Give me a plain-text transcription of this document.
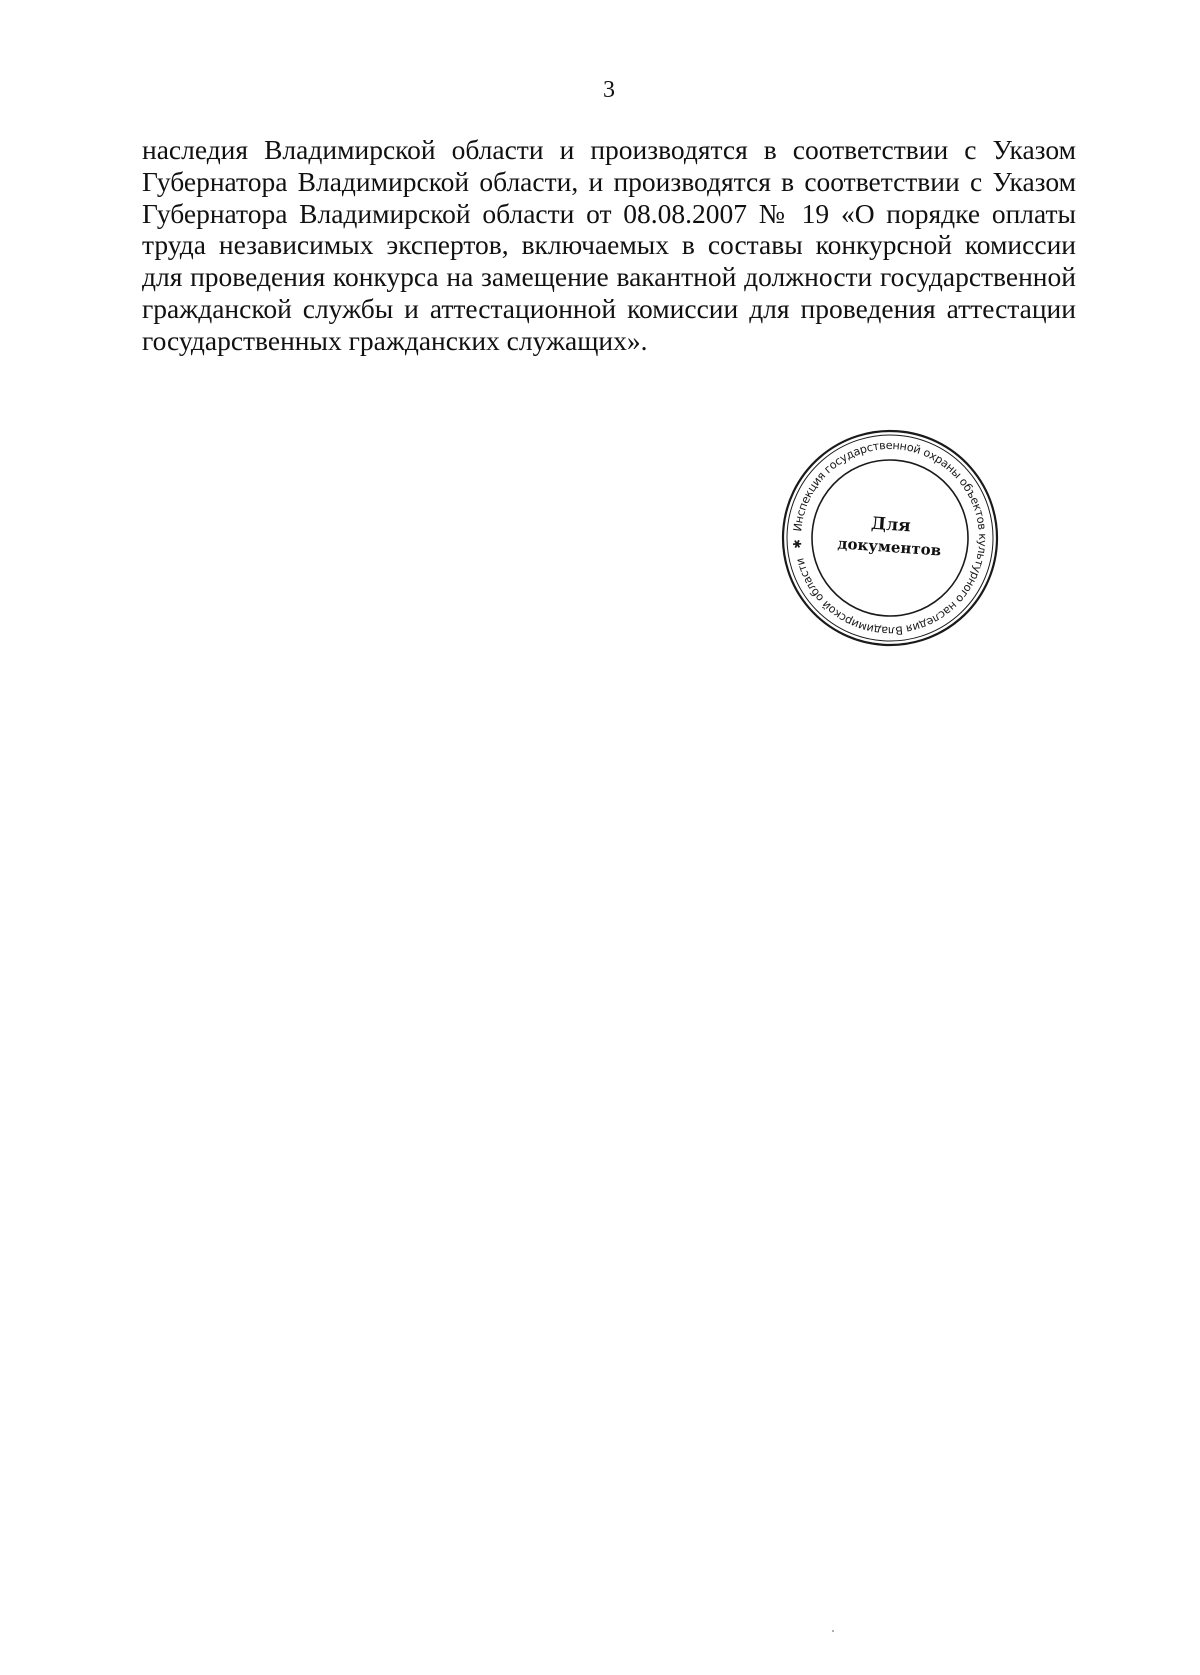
3

наследия Владимирской области и производятся в соответствии с Указом Губернатора Владимирской области, и производятся в соответствии с Указом Губернатора Владимирской области от 08.08.2007 № 19 «О порядке оплаты труда независимых экспертов, включаемых в составы конкурсной комиссии для проведения конкурса на замещение вакантной должности государственной гражданской службы и аттестационной комиссии для проведения аттестации государственных гражданских служащих».

Инспекция государственной охраны объектов культурного наследия Владимирской области ✱
Для
документов
